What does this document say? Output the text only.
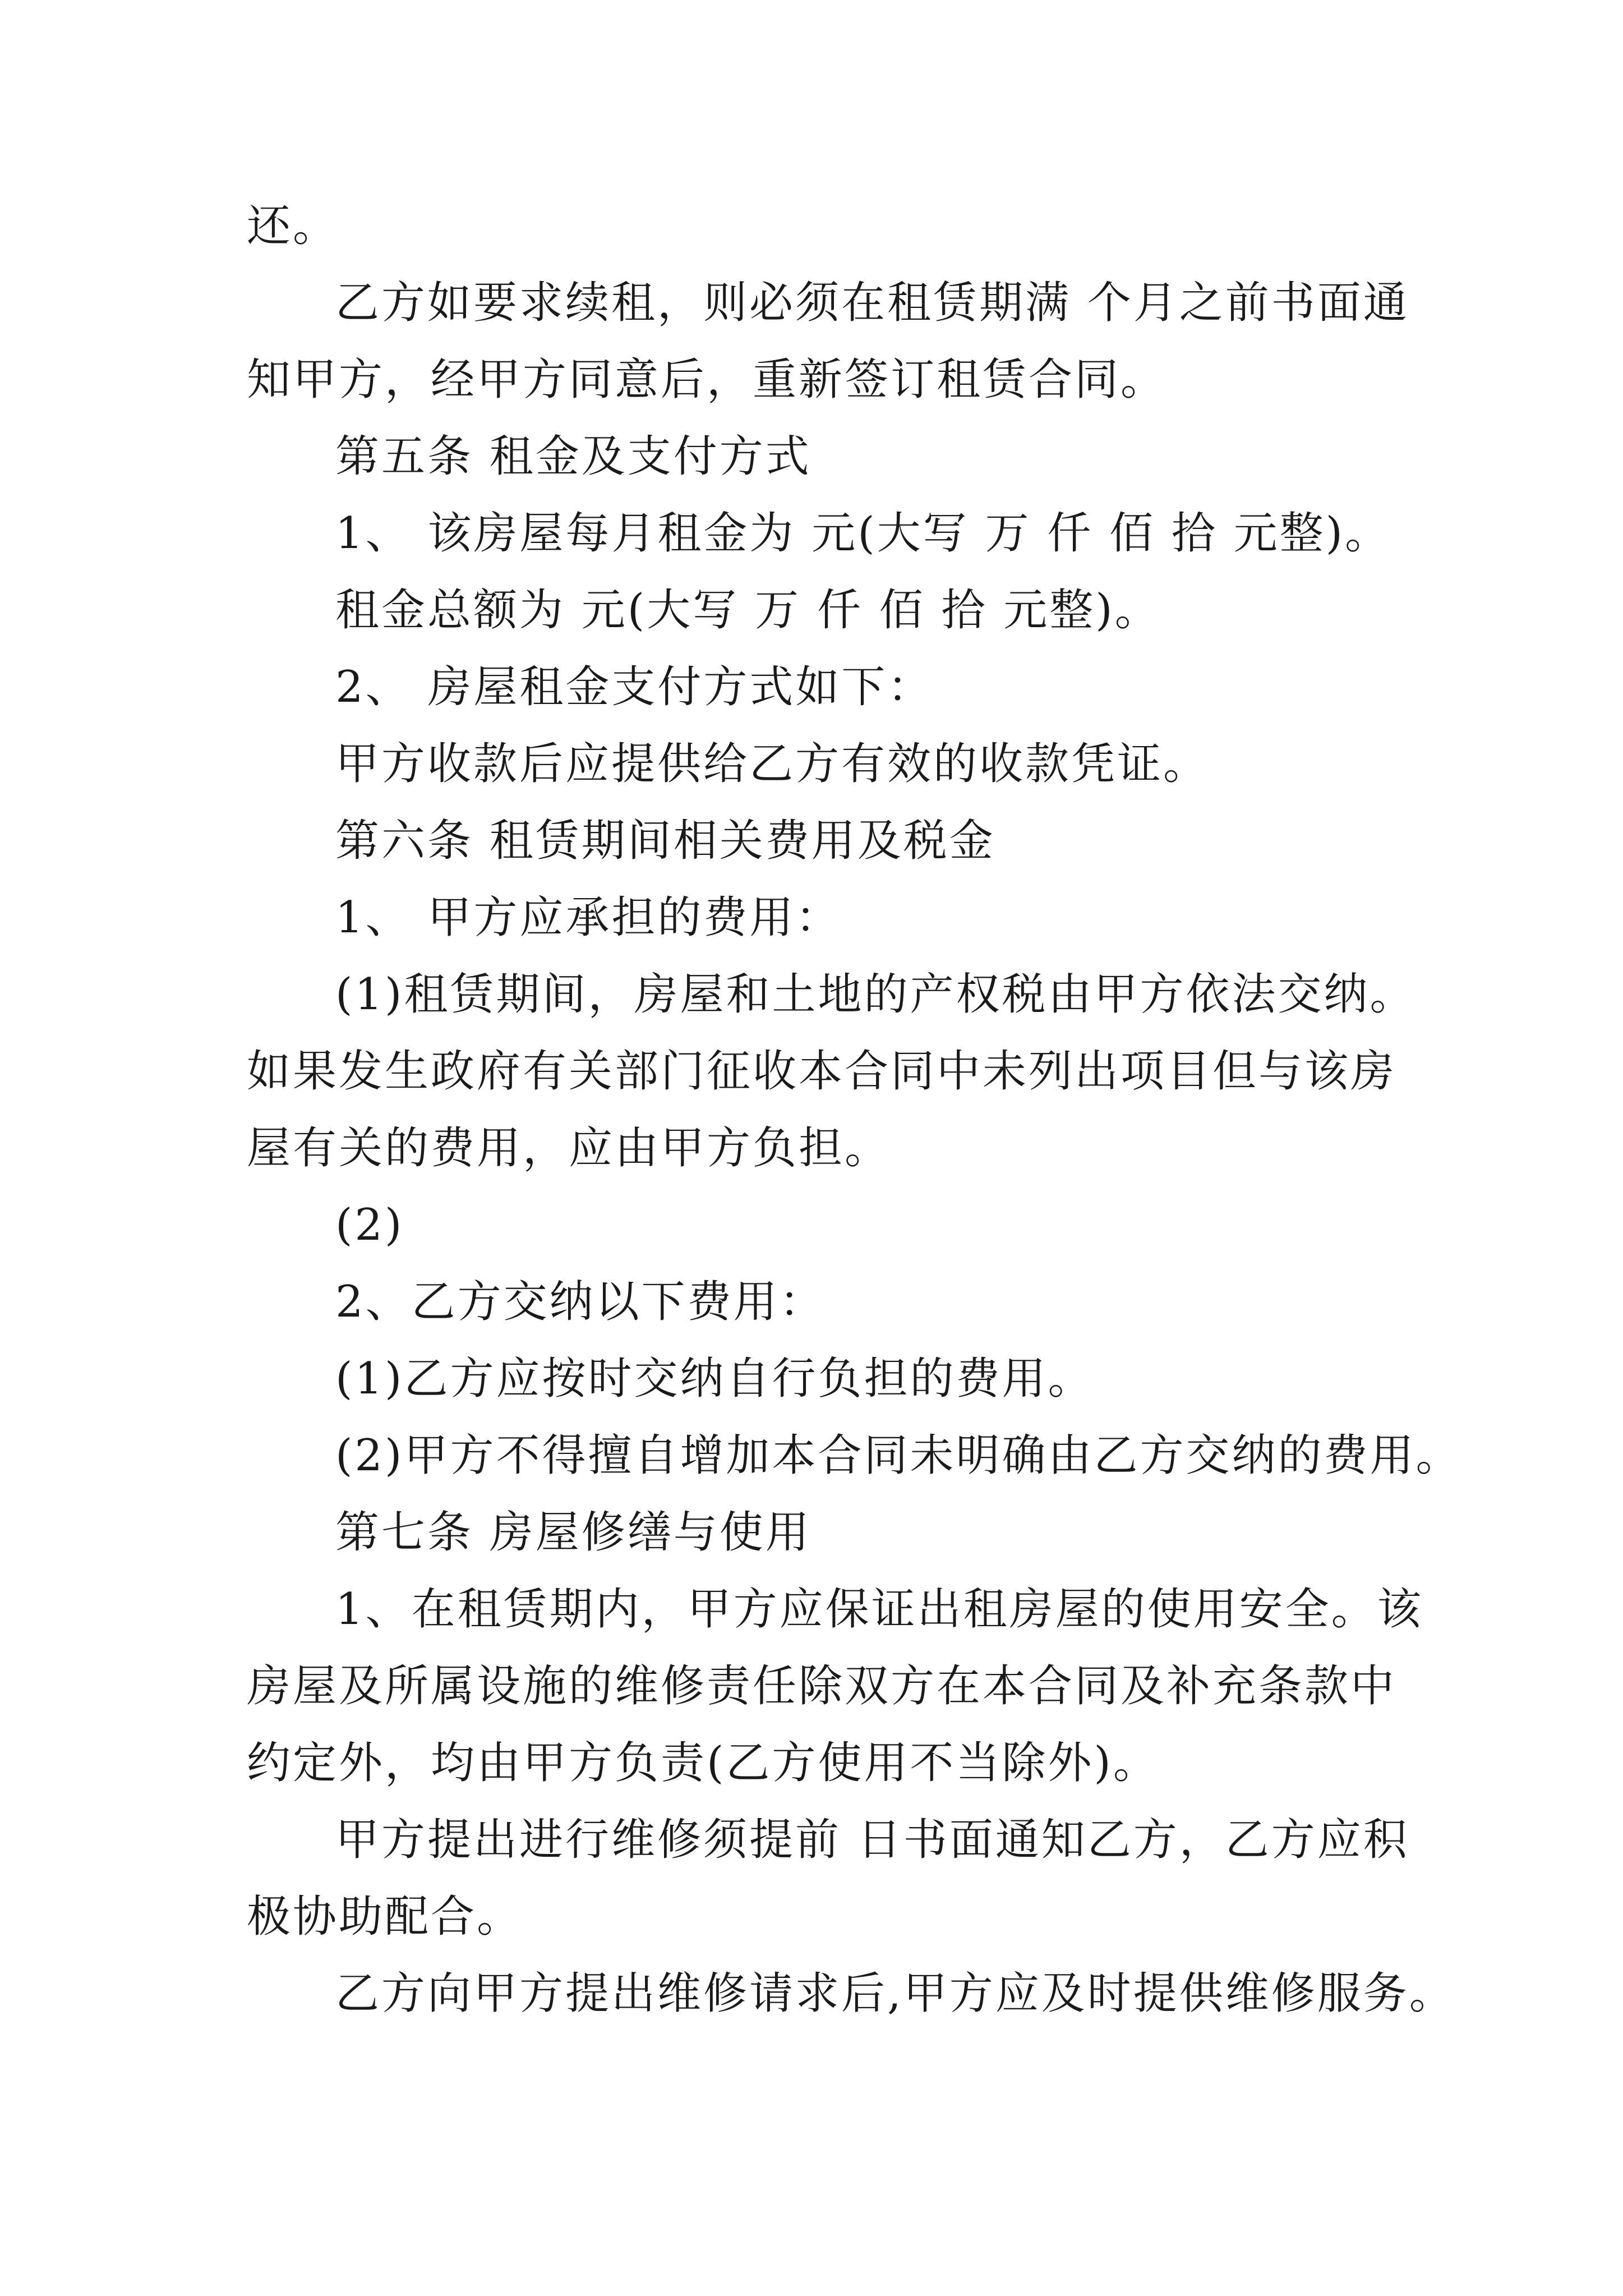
还。
乙方如要求续租，则必须在租赁期满 个月之前书面通
知甲方，经甲方同意后，重新签订租赁合同。
第五条 租金及支付方式
1、 该房屋每月租金为 元(大写 万 仟 佰 拾 元整)。
租金总额为 元(大写 万 仟 佰 拾 元整)。
2、 房屋租金支付方式如下：
甲方收款后应提供给乙方有效的收款凭证。
第六条 租赁期间相关费用及税金
1、 甲方应承担的费用：
(1)租赁期间，房屋和土地的产权税由甲方依法交纳。
如果发生政府有关部门征收本合同中未列出项目但与该房
屋有关的费用，应由甲方负担。
(2)
2、乙方交纳以下费用：
(1)乙方应按时交纳自行负担的费用。
(2)甲方不得擅自增加本合同未明确由乙方交纳的费用。
第七条 房屋修缮与使用
1、在租赁期内，甲方应保证出租房屋的使用安全。该
房屋及所属设施的维修责任除双方在本合同及补充条款中
约定外，均由甲方负责(乙方使用不当除外)。
甲方提出进行维修须提前 日书面通知乙方，乙方应积
极协助配合。
乙方向甲方提出维修请求后,甲方应及时提供维修服务。
